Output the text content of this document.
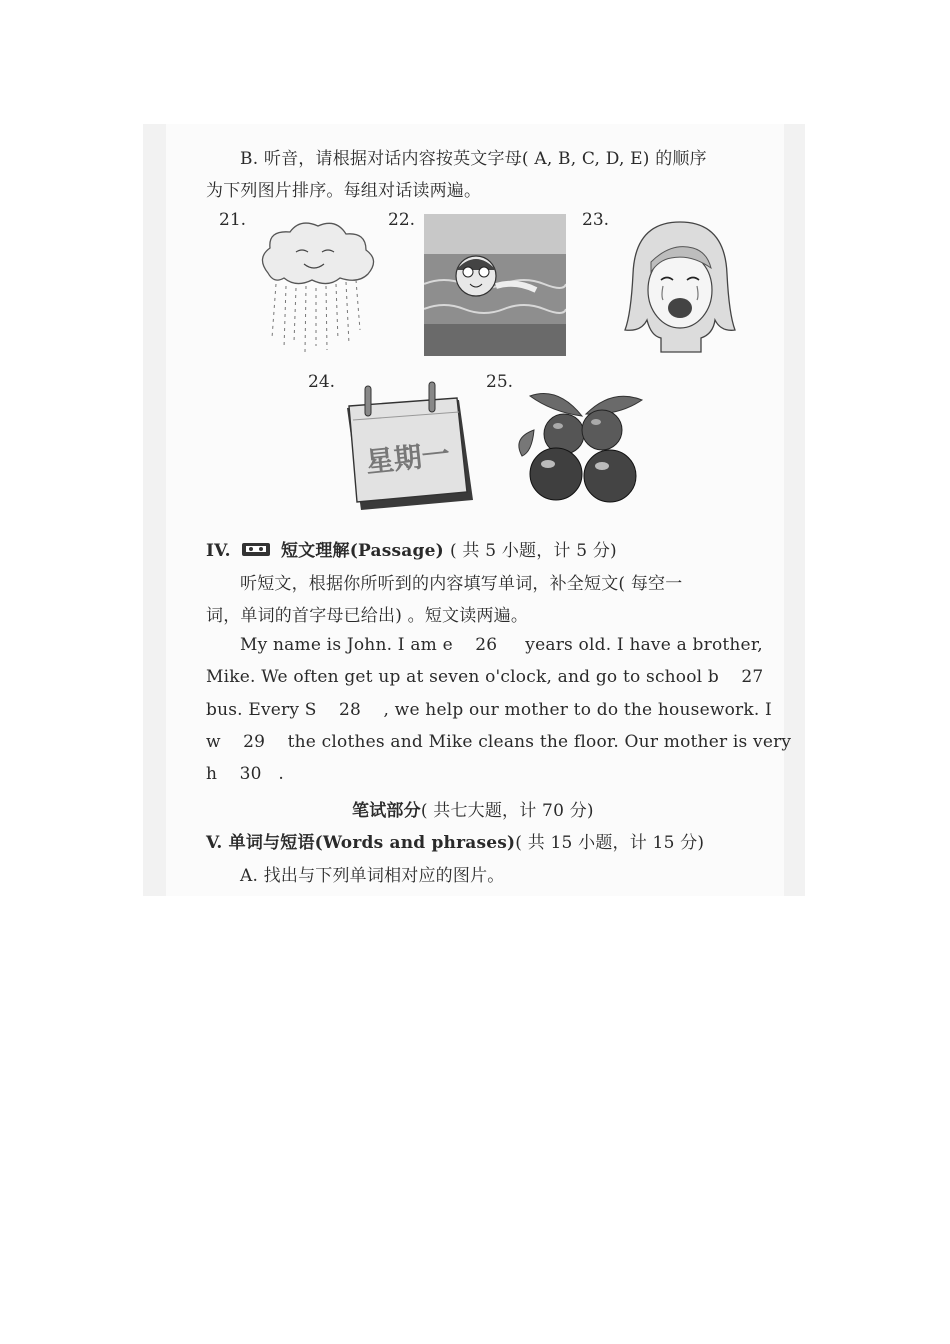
B. 听音，请根据对话内容按英文字母( A, B, C, D, E) 的顺序
为下列图片排序。每组对话读两遍。
21.	22.	23.
24.
星期一
25.
IV.	短文理解(Passage) ( 共 5 小题，计 5 分)
听短文，根据你所听到的内容填写单词，补全短文( 每空一
词，单词的首字母已给出) 。短文读两遍。
My name is John. I am e    26     years old. I have a brother,
Mike. We often get up at seven o'clock, and go to school b    27
bus. Every S    28    , we help our mother to do the housework. I
w    29    the clothes and Mike cleans the floor. Our mother is very
h    30   .
笔试部分( 共七大题，计 70 分)
V. 单词与短语(Words and phrases)( 共 15 小题，计 15 分)
A. 找出与下列单词相对应的图片。
